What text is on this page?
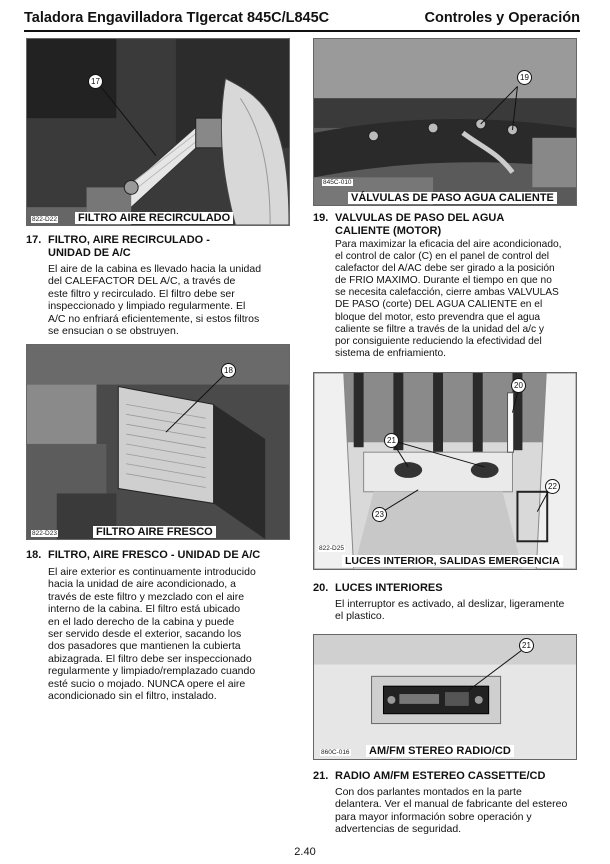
Taladora Engavilladora TIgercat 845C/L845C	Controles y Operación
17
822-D22 FILTRO AIRE RECIRCULADO
17. FILTRO, AIRE RECIRCULADO -
UNIDAD DE A/C
El aire de la cabina es llevado hacia la unidad
del CALEFACTOR DEL A/C, a través de
este filtro y recirculado. El filtro debe ser
inspeccionado y limpiado regularmente. El
A/C no enfriará eficientemente, si estos filtros
se ensucian o se obstruyen.
18
822-D23	FILTRO AIRE FRESCO
18. FILTRO, AIRE FRESCO - UNIDAD DE A/C
El aire exterior es continuamente introducido
hacia la unidad de aire acondicionado, a
través de este filtro y mezclado con el aire
interno de la cabina. El filtro está ubicado
en el lado derecho de la cabina y puede
ser servido desde el exterior, sacando los
dos pasadores que mantienen la cubierta
abizagrada. El filtro debe ser inspeccionado
regularmente y limpiado/remplazado cuando
esté sucio o mojado. NUNCA opere el aire
acondicionado sin el filtro, instalado.
19
845C-010
VÁLVULAS DE PASO AGUA CALIENTE
19. VALVULAS DE PASO DEL AGUA
CALIENTE (MOTOR)
Para maximizar la eficacia del aire acondicionado,
el control de calor (C) en el panel de control del
calefactor del A/AC debe ser girado a la posición
de FRIO MAXIMO. Durante el tiempo en que no
se necesita calefacción, cierre ambas VALVULAS
DE PASO (corte) DEL AGUA CALIENTE en el
bloque del motor, esto prevendra que el agua
caliente se filtre a través de la unidad del a/c y
por consiguiente reduciendo la efectividad del
sistema de enfriamiento.
20
21
22
23
822-D25
LUCES INTERIOR, SALIDAS EMERGENCIA
20. LUCES INTERIORES
El interruptor es activado, al deslizar, ligeramente
el plastico.
21
860C-016 AM/FM STEREO RADIO/CD
21. RADIO AM/FM ESTEREO CASSETTE/CD
Con dos parlantes montados en la parte
delantera. Ver el manual de fabricante del estereo
para mayor información sobre operación y
advertencias de seguridad.
2.40
